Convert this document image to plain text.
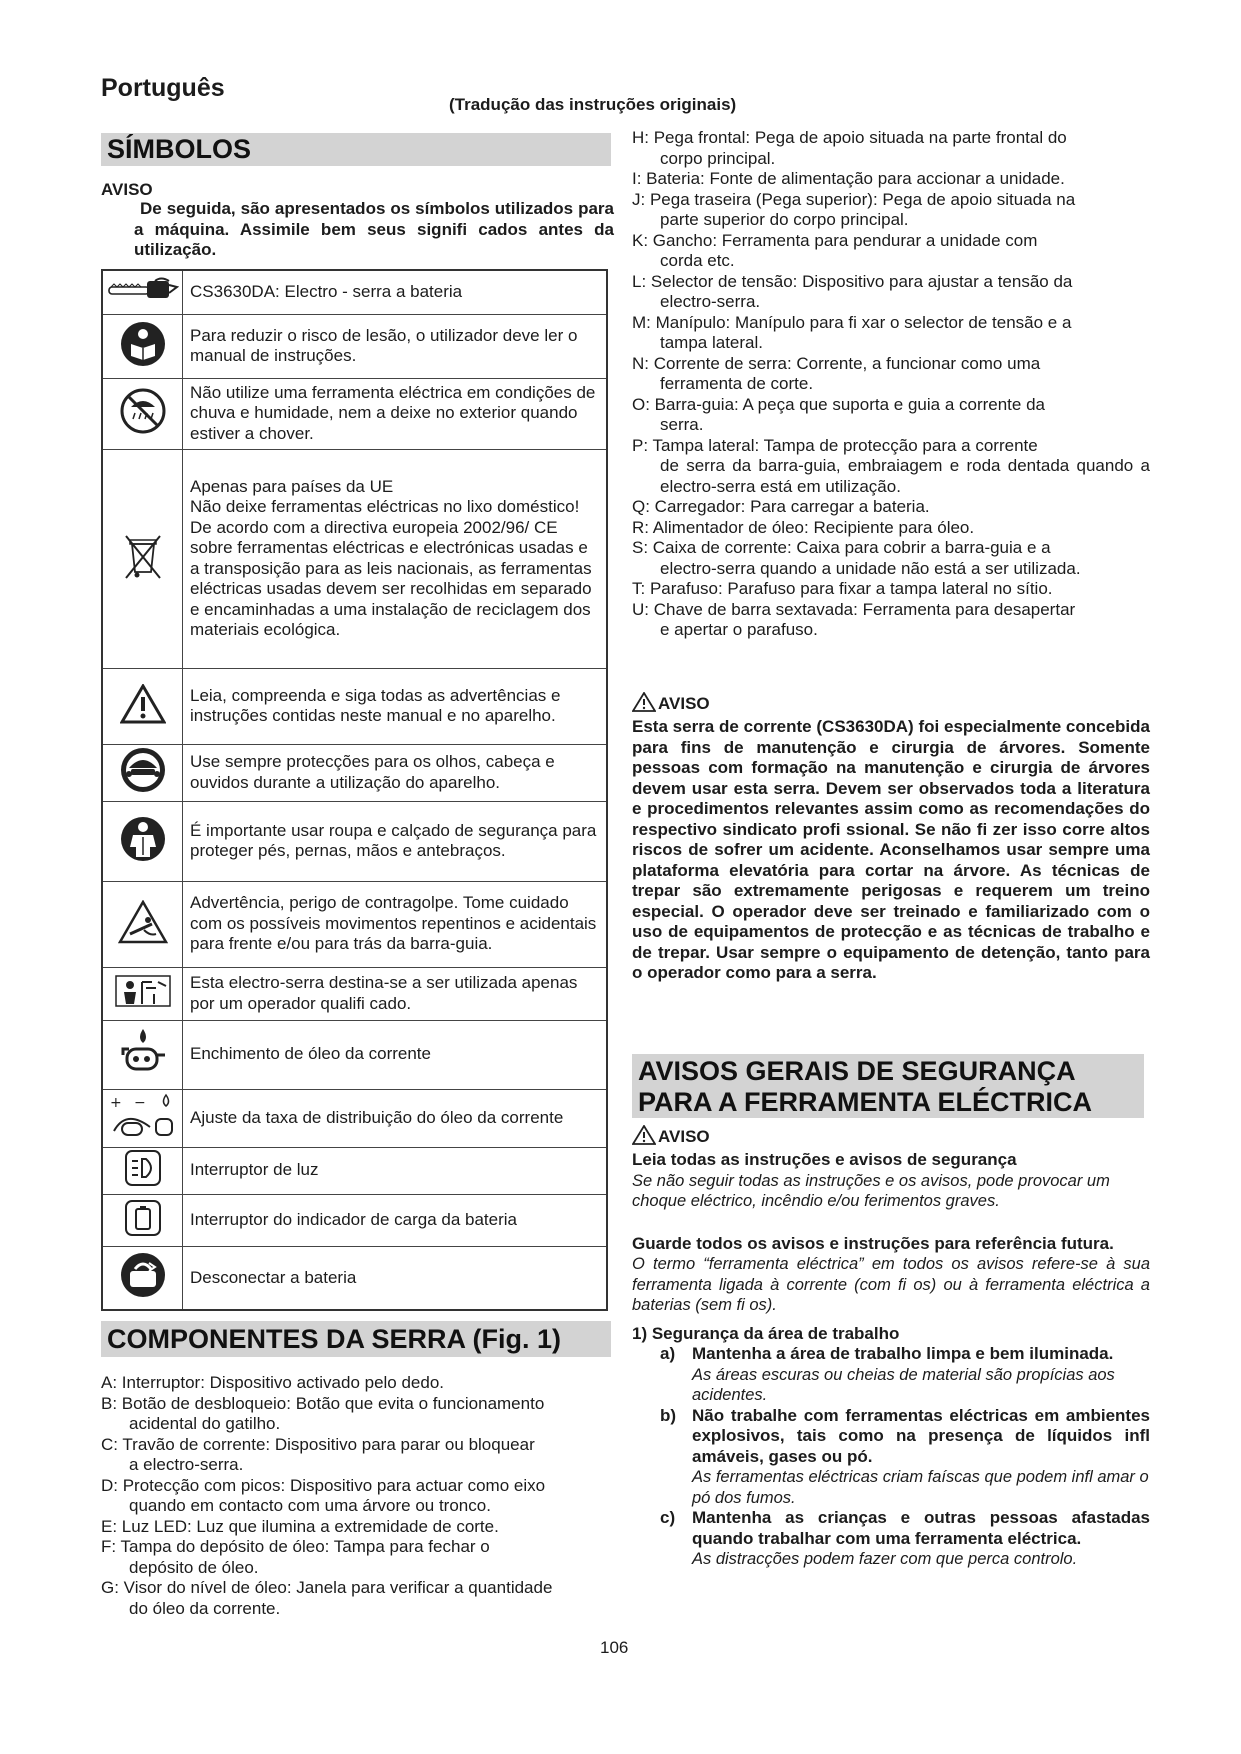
Português
(Tradução das instruções originais)
SÍMBOLOS
AVISO
De seguida, são apresentados os símbolos utilizados para a máquina. Assimile bem seus signifi cados antes da utilização.
	CS3630DA: Electro - serra a bateria
	Para reduzir o risco de lesão, o utilizador deve ler o manual de instruções.
	Não utilize uma ferramenta eléctrica em condições de chuva e humidade, nem a deixe no exterior quando estiver a chover.
	Apenas para países da UE
Não deixe ferramentas eléctricas no lixo doméstico!
De acordo com a directiva europeia 2002/96/ CE sobre ferramentas eléctricas e electrónicas usadas e a transposição para as leis nacionais, as ferramentas eléctricas usadas devem ser recolhidas em separado e encaminhadas a uma instalação de reciclagem dos materiais ecológica.
	Leia, compreenda e siga todas as advertências e instruções contidas neste manual e no aparelho.
	Use sempre protecções para os olhos, cabeça e ouvidos durante a utilização do aparelho.
	É importante usar roupa e calçado de segurança para proteger pés, pernas, mãos e antebraços.
	Advertência, perigo de contragolpe. Tome cuidado com os possíveis movimentos repentinos e acidentais para frente e/ou para trás da barra-guia.
	Esta electro-serra destina-se a ser utilizada apenas por um operador qualifi cado.
	Enchimento de óleo da corrente

+ −	Ajuste da taxa de distribuição do óleo da corrente
	Interruptor de luz
	Interruptor do indicador de carga da bateria
	Desconectar a bateria
COMPONENTES DA SERRA (Fig. 1)
A: Interruptor: Dispositivo activado pelo dedo.
B: Botão de desbloqueio: Botão que evita o funcionamento
acidental do gatilho.
C: Travão de corrente: Dispositivo para parar ou bloquear
a electro-serra.
D: Protecção com picos: Dispositivo para actuar como eixo
quando em contacto com uma árvore ou tronco.
E: Luz LED: Luz que ilumina a extremidade de corte.
F: Tampa do depósito de óleo: Tampa para fechar o
depósito de óleo.
G: Visor do nível de óleo: Janela para verificar a quantidade
do óleo da corrente.
H: Pega frontal: Pega de apoio situada na parte frontal do
corpo principal.
I: Bateria: Fonte de alimentação para accionar a unidade.
J: Pega traseira (Pega superior): Pega de apoio situada na
parte superior do corpo principal.
K: Gancho: Ferramenta para pendurar a unidade com
corda etc.
L: Selector de tensão: Dispositivo para ajustar a tensão da
electro-serra.
M: Manípulo: Manípulo para fi xar o selector de tensão e a
tampa lateral.
N: Corrente de serra: Corrente, a funcionar como uma
ferramenta de corte.
O: Barra-guia: A peça que suporta e guia a corrente da
serra.
P: Tampa lateral: Tampa de protecção para a corrente
de serra da barra-guia, embraiagem e roda dentada quando a electro-serra está em utilização.
Q: Carregador: Para carregar a bateria.
R: Alimentador de óleo: Recipiente para óleo.
S: Caixa de corrente: Caixa para cobrir a barra-guia e a
electro-serra quando a unidade não está a ser utilizada.
T: Parafuso: Parafuso para fixar a tampa lateral no sítio.
U: Chave de barra sextavada: Ferramenta para desapertar
e apertar o parafuso.
AVISO
Esta serra de corrente (CS3630DA) foi especialmente concebida para fins de manutenção e cirurgia de árvores. Somente pessoas com formação na manutenção e cirurgia de árvores devem usar esta serra. Devem ser observados toda a literatura e procedimentos relevantes assim como as recomendações do respectivo sindicato profi ssional. Se não fi zer isso corre altos riscos de sofrer um acidente. Aconselhamos usar sempre uma plataforma elevatória para cortar na árvore. As técnicas de trepar são extremamente perigosas e requerem um treino especial. O operador deve ser treinado e familiarizado com o uso de equipamentos de protecção e as técnicas de trabalho e de trepar. Usar sempre o equipamento de detenção, tanto para o operador como para a serra.
AVISOS GERAIS DE SEGURANÇA
PARA A FERRAMENTA ELÉCTRICA
AVISO
Leia todas as instruções e avisos de segurança
Se não seguir todas as instruções e os avisos, pode provocar um choque eléctrico, incêndio e/ou ferimentos graves.
Guarde todos os avisos e instruções para referência futura.
O termo “ferramenta eléctrica” em todos os avisos refere-se à sua ferramenta ligada à corrente (com fi os) ou à ferramenta eléctrica a baterias (sem fi os).
1) Segurança da área de trabalho
a) Mantenha a área de trabalho limpa e bem iluminada.
As áreas escuras ou cheias de material são propícias aos acidentes.
b) Não trabalhe com ferramentas eléctricas em ambientes explosivos, tais como na presença de líquidos infl amáveis, gases ou pó.
As ferramentas eléctricas criam faíscas que podem infl amar o pó dos fumos.
c) Mantenha as crianças e outras pessoas afastadas quando trabalhar com uma ferramenta eléctrica.
As distracções podem fazer com que perca controlo.
106
